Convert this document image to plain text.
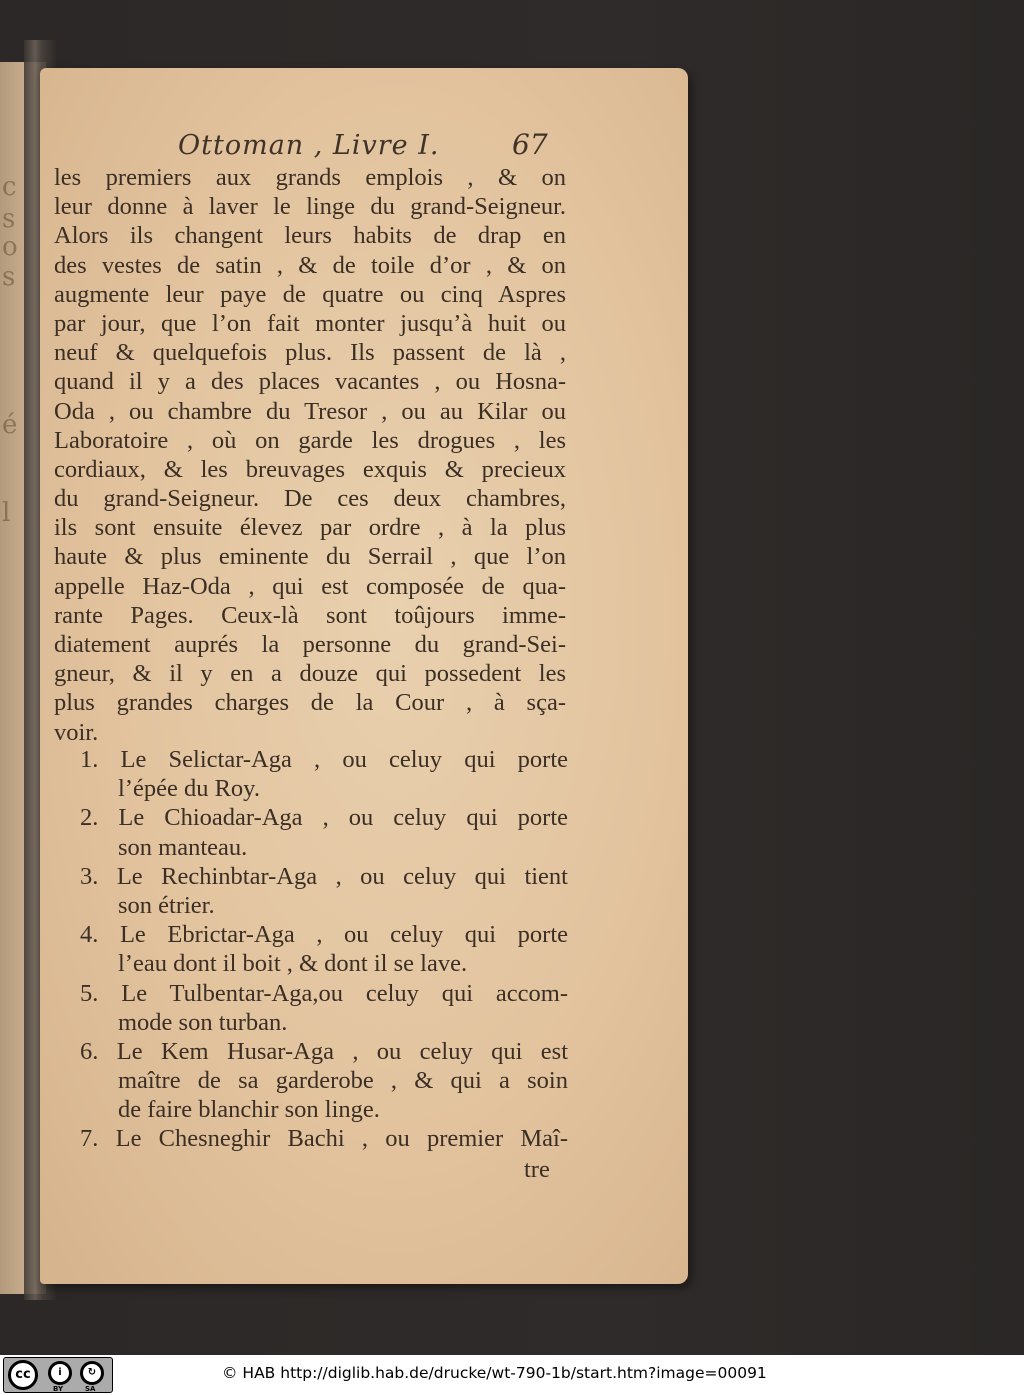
c
s
o
s
é
l
Ottoman , Livre I.	67
les premiers aux grands emplois , & on
leur donne à laver le linge du grand-Seigneur.
Alors ils changent leurs habits de drap en
des vestes de satin , & de toile d’or , & on
augmente leur paye de quatre ou cinq Aspres
par jour, que l’on fait monter jusqu’à huit ou
neuf & quelquefois plus. Ils passent de là ,
quand il y a des places vacantes , ou Hosna-
Oda , ou chambre du Tresor , ou au Kilar ou
Laboratoire , où on garde les drogues , les
cordiaux, & les breuvages exquis & precieux
du grand-Seigneur. De ces deux chambres,
ils sont ensuite élevez par ordre , à la plus
haute & plus eminente du Serrail , que l’on
appelle Haz-Oda , qui est composée de qua-
rante Pages. Ceux-là sont toûjours imme-
diatement auprés la personne du grand-Sei-
gneur, & il y en a douze qui possedent les
plus grandes charges de la Cour , à sça-
voir.
1. Le Selictar-Aga , ou celuy qui porte
l’épée du Roy.
2. Le Chioadar-Aga , ou celuy qui porte
son manteau.
3. Le Rechinbtar-Aga , ou celuy qui tient
son étrier.
4. Le Ebrictar-Aga , ou celuy qui porte
l’eau dont il boit , & dont il se lave.
5. Le Tulbentar-Aga,ou celuy qui accom-
mode son turban.
6. Le Kem Husar-Aga , ou celuy qui est
maître de sa garderobe , & qui a soin
de faire blanchir son linge.
7. Le Chesneghir Bachi , ou premier Maî-
tre
cc	i	↻
BY	SA
© HAB http://diglib.hab.de/drucke/wt-790-1b/start.htm?image=00091
